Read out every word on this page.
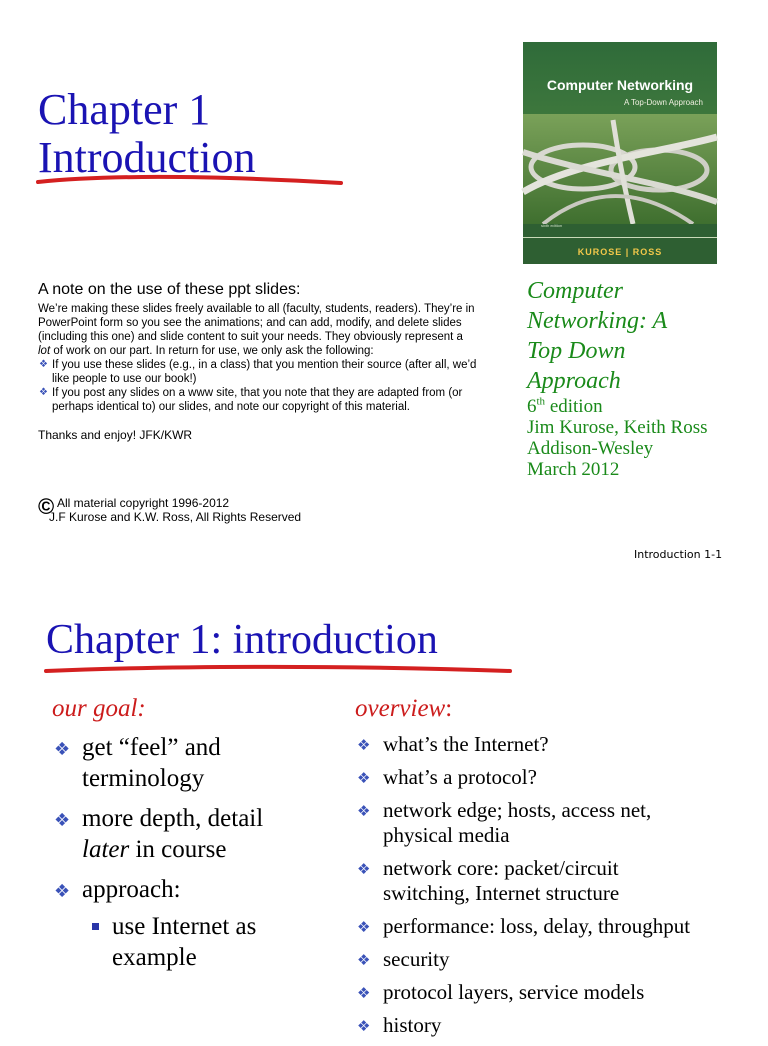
Chapter 1
Introduction
Computer Networking
A Top-Down Approach
sixth edition
KUROSE | ROSS
Computer
Networking: A
Top Down
Approach
6th edition
Jim Kurose, Keith Ross
Addison-Wesley
March 2012
A note on the use of these ppt slides:
We’re making these slides freely available to all (faculty, students, readers). They’re in PowerPoint form so you see the animations; and can add, modify, and delete slides (including this one) and slide content to suit your needs. They obviously represent a lot of work on our part. In return for use, we only ask the following:
❖ If you use these slides (e.g., in a class) that you mention their source (after all, we’d like people to use our book!)
❖ If you post any slides on a www site, that you note that they are adapted from (or perhaps identical to) our slides, and note our copyright of this material.
Thanks and enjoy! JFK/KWR
© All material copyright 1996-2012
J.F Kurose and K.W. Ross, All Rights Reserved
Introduction 1-1
Chapter 1: introduction
our goal:
❖ get “feel” and
terminology
❖ more depth, detail
later in course
❖ approach:
use Internet as
example
overview:
❖ what’s the Internet?
❖ what’s a protocol?
❖ network edge; hosts, access net,
physical media
❖ network core: packet/circuit
switching, Internet structure
❖ performance: loss, delay, throughput
❖ security
❖ protocol layers, service models
❖ history
